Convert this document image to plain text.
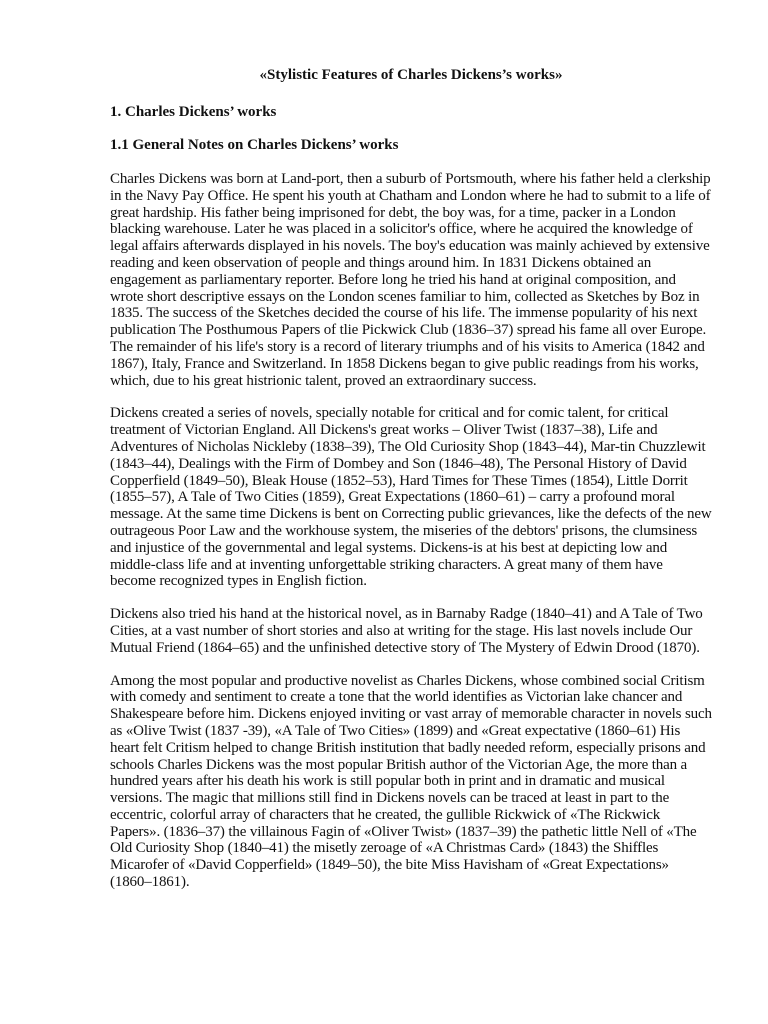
«Stylistic Features of Charles Dickens’s works»
1. Charles Dickens’ works
1.1 General Notes on Charles Dickens’ works

Charles Dickens was born at Land-port, then a suburb of Portsmouth, where his father held a clerkship in the Navy Pay Office. He spent his youth at Chatham and London where he had to submit to a life of great hardship. His father being imprisoned for debt, the boy was, for a time, packer in a London blacking warehouse. Later he was placed in a solicitor's office, where he acquired the knowledge of legal affairs afterwards displayed in his novels. The boy's education was mainly achieved by extensive reading and keen observation of people and things around him. In 1831 Dickens obtained an engagement as parliamentary reporter. Before long he tried his hand at original composition, and wrote short descriptive essays on the London scenes familiar to him, collected as Sketches by Boz in 1835. The success of the Sketches decided the course of his life. The immense popularity of his next publication The Posthumous Papers of tlie Pickwick Club (1836–37) spread his fame all over Europe. The remainder of his life's story is a record of literary triumphs and of his visits to America (1842 and 1867), Italy, France and Switzerland. In 1858 Dickens began to give public readings from his works, which, due to his great histrionic talent, proved an extraordinary success.

Dickens created a series of novels, specially notable for critical and for comic talent, for critical treatment of Victorian England. All Dickens's great works – Oliver Twist (1837–38), Life and Adventures of Nicholas Nickleby (1838–39), The Old Curiosity Shop (1843–44), Mar-tin Chuzzlewit (1843–44), Dealings with the Firm of Dombey and Son (1846–48), The Personal History of David Copperfield (1849–50), Bleak House (1852–53), Hard Times for These Times (1854), Little Dorrit (1855–57), A Tale of Two Cities (1859), Great Expectations (1860–61) – carry a profound moral message. At the same time Dickens is bent on Correcting public grievances, like the defects of the new outrageous Poor Law and the workhouse system, the miseries of the debtors' prisons, the clumsiness and injustice of the governmental and legal systems. Dickens-is at his best at depicting low and middle-class life and at inventing unforgettable striking characters. A great many of them have become recognized types in English fiction.

Dickens also tried his hand at the historical novel, as in Barnaby Radge (1840–41) and A Tale of Two Cities, at a vast number of short stories and also at writing for the stage. His last novels include Our Mutual Friend (1864–65) and the unfinished detective story of The Mystery of Edwin Drood (1870).

Among the most popular and productive novelist as Charles Dickens, whose combined social Critism with comedy and sentiment to create a tone that the world identifies as Victorian lake chancer and Shakespeare before him. Dickens enjoyed inviting or vast array of memorable character in novels such as «Olive Twist (1837 -39), «A Tale of Two Cities» (1899) and «Great expectative (1860–61) His heart felt Critism helped to change British institution that badly needed reform, especially prisons and schools Charles Dickens was the most popular British author of the Victorian Age, the more than a hundred years after his death his work is still popular both in print and in dramatic and musical versions. The magic that millions still find in Dickens novels can be traced at least in part to the eccentric, colorful array of characters that he created, the gullible Rickwick of «The Rickwick Papers». (1836–37) the villainous Fagin of «Oliver Twist» (1837–39) the pathetic little Nell of «The Old Curiosity Shop (1840–41) the misetly zeroage of «A Christmas Card» (1843) the Shiffles Micarofer of «David Copperfield» (1849–50), the bite Miss Havisham of «Great Expectations» (1860–1861).
